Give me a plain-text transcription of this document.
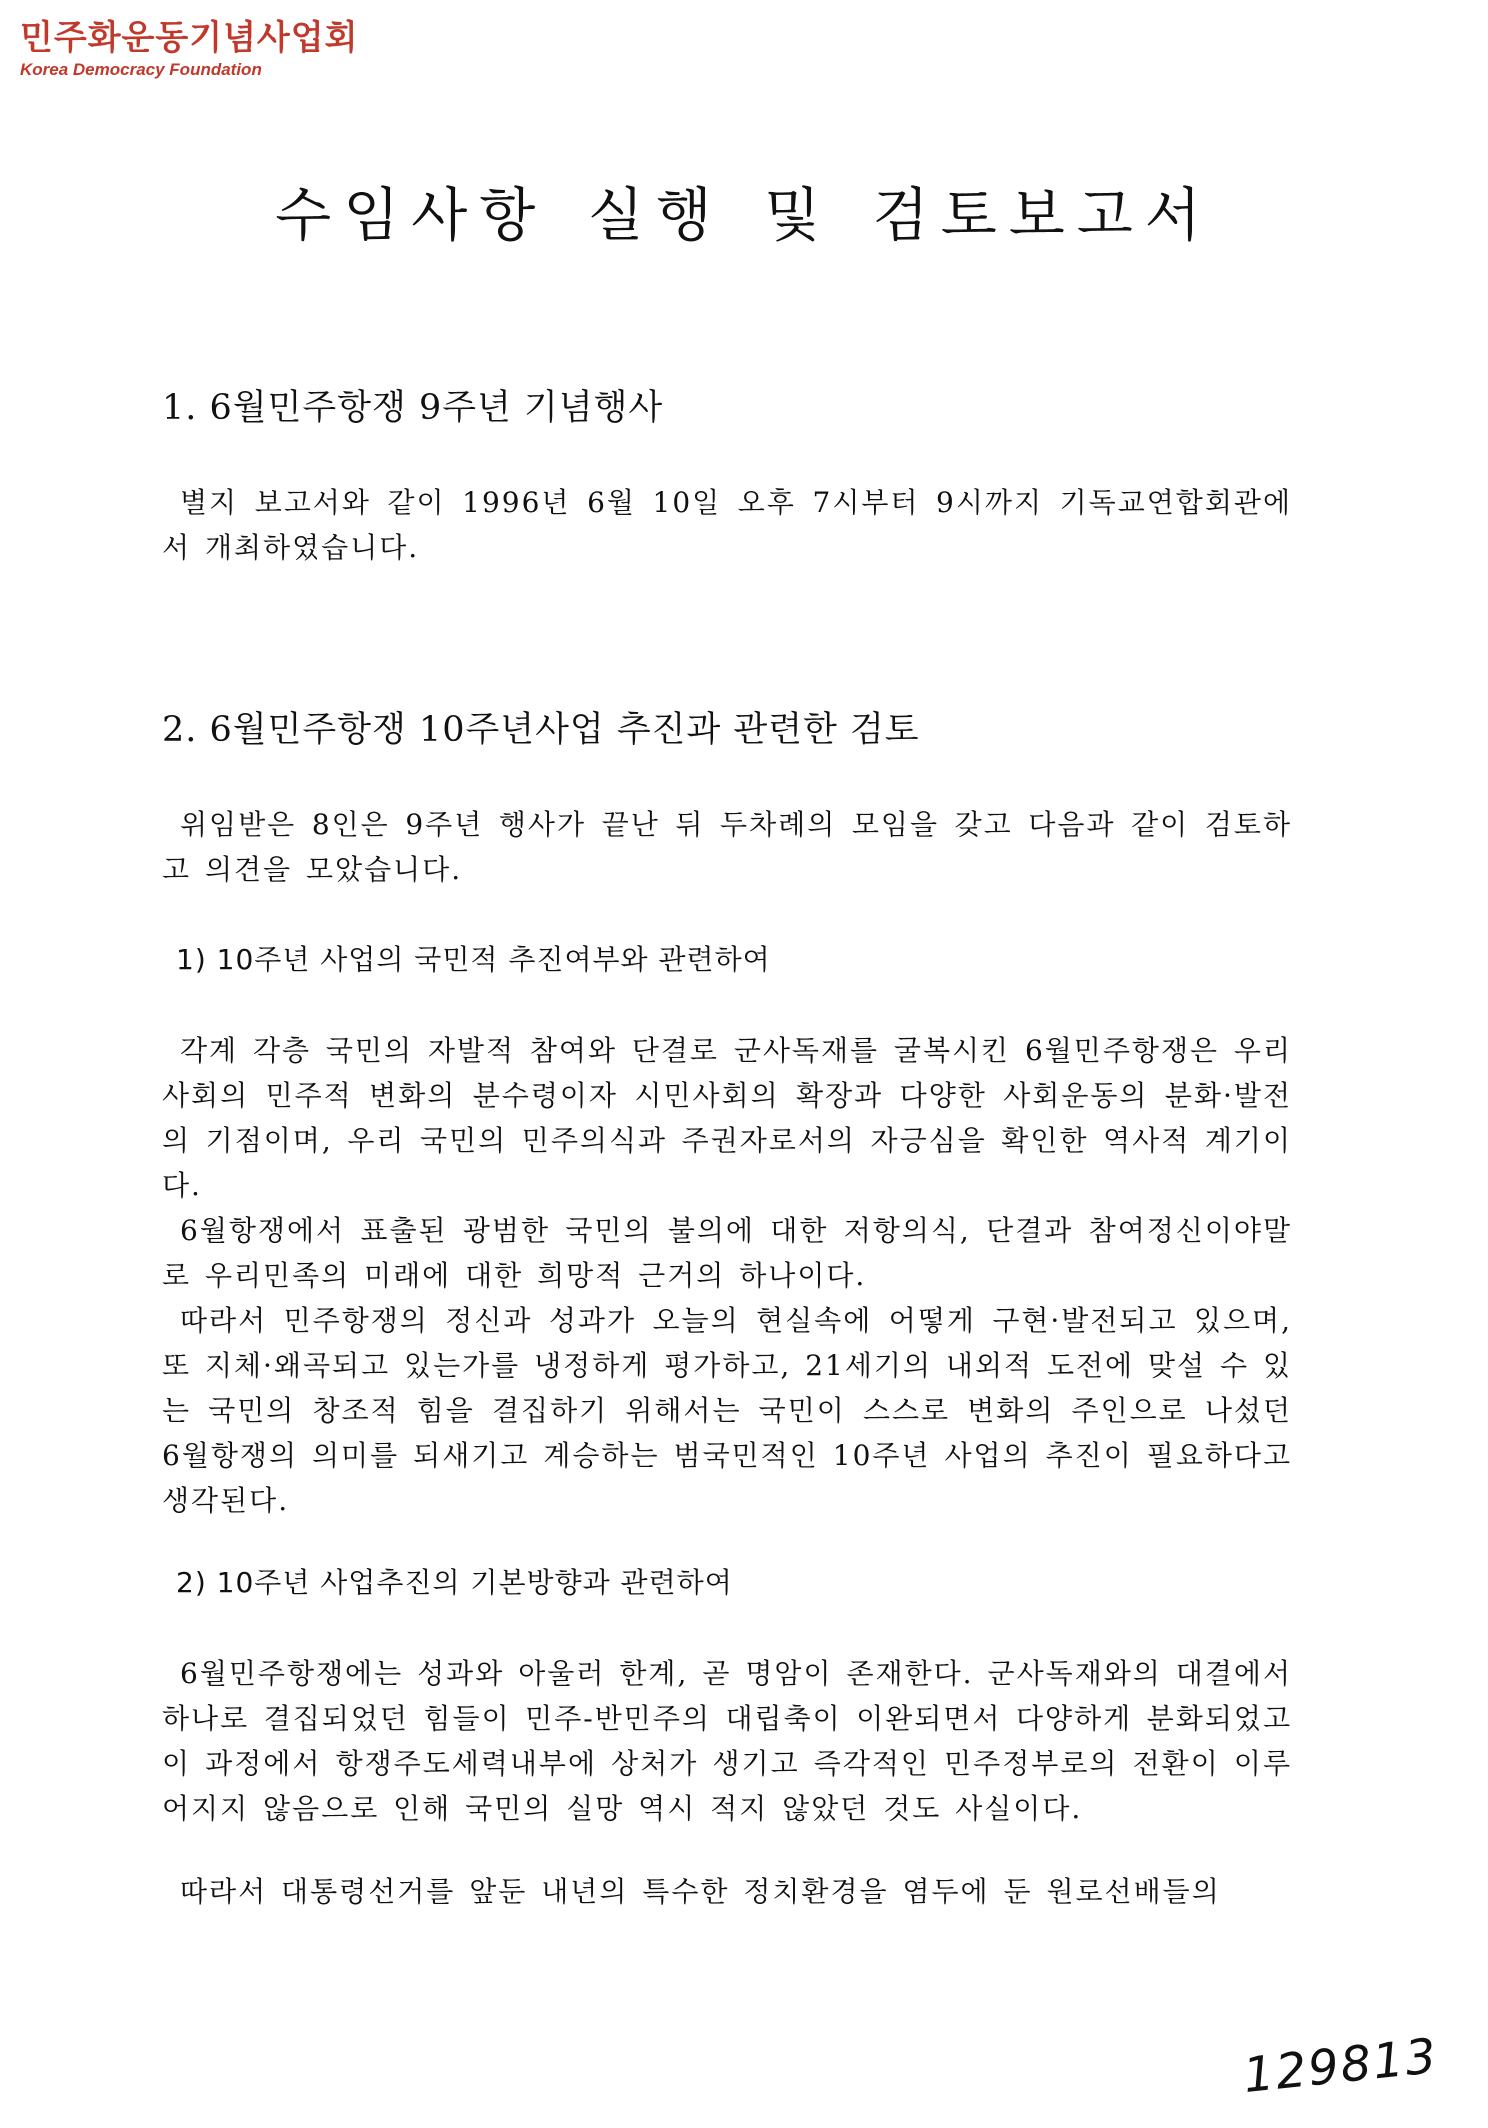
민주화운동기념사업회
Korea Democracy Foundation
수임사항 실행 및 검토보고서
1. 6월민주항쟁 9주년 기념행사

별지 보고서와 같이 1996년 6월 10일 오후 7시부터 9시까지 기독교연합회관에서 개최하였습니다.

2. 6월민주항쟁 10주년사업 추진과 관련한 검토

위임받은 8인은 9주년 행사가 끝난 뒤 두차례의 모임을 갖고 다음과 같이 검토하고 의견을 모았습니다.

1) 10주년 사업의 국민적 추진여부와 관련하여

각계 각층 국민의 자발적 참여와 단결로 군사독재를 굴복시킨 6월민주항쟁은 우리사회의 민주적 변화의 분수령이자 시민사회의 확장과 다양한 사회운동의 분화·발전의 기점이며, 우리 국민의 민주의식과 주권자로서의 자긍심을 확인한 역사적 계기이다.

6월항쟁에서 표출된 광범한 국민의 불의에 대한 저항의식, 단결과 참여정신이야말로 우리민족의 미래에 대한 희망적 근거의 하나이다.

따라서 민주항쟁의 정신과 성과가 오늘의 현실속에 어떻게 구현·발전되고 있으며, 또 지체·왜곡되고 있는가를 냉정하게 평가하고, 21세기의 내외적 도전에 맞설 수 있는 국민의 창조적 힘을 결집하기 위해서는 국민이 스스로 변화의 주인으로 나섰던 6월항쟁의 의미를 되새기고 계승하는 범국민적인 10주년 사업의 추진이 필요하다고 생각된다.

2) 10주년 사업추진의 기본방향과 관련하여

6월민주항쟁에는 성과와 아울러 한계, 곧 명암이 존재한다. 군사독재와의 대결에서 하나로 결집되었던 힘들이 민주-반민주의 대립축이 이완되면서 다양하게 분화되었고 이 과정에서 항쟁주도세력내부에 상처가 생기고 즉각적인 민주정부로의 전환이 이루어지지 않음으로 인해 국민의 실망 역시 적지 않았던 것도 사실이다.

따라서 대통령선거를 앞둔 내년의 특수한 정치환경을 염두에 둔 원로선배들의

129813
